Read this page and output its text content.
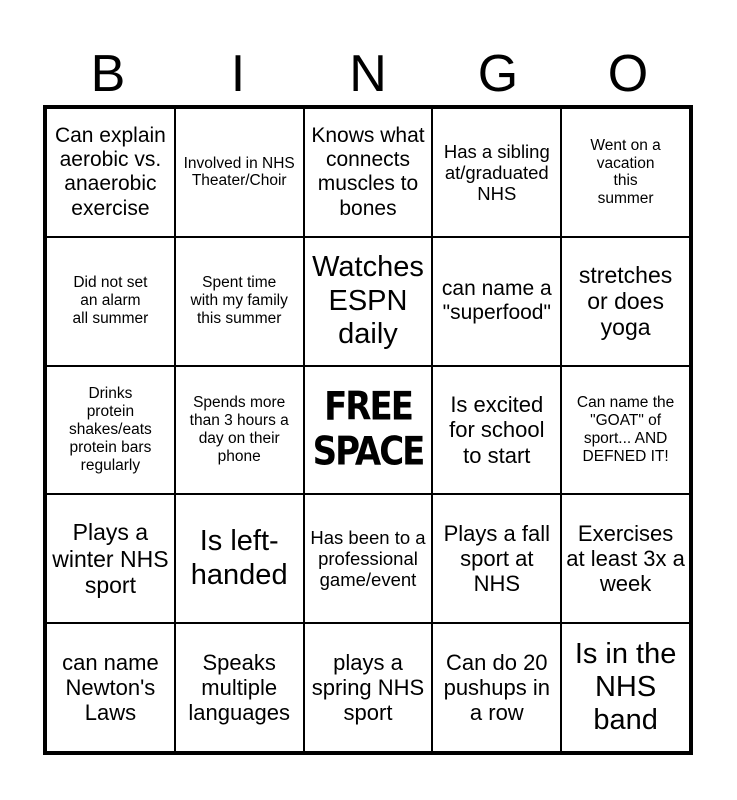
B	I	N	G	O
Can explain aerobic vs. anaerobic exercise
Involved in NHS Theater/Choir
Knows what connects muscles to bones
Has a sibling at/graduated NHS
Went on a vacation this summer
Did not set an alarm all summer
Spent time with my family this summer
Watches ESPN daily
can name a "superfood"
stretches or does yoga
Drinks protein shakes/eats protein bars regularly
Spends more than 3 hours a day on their phone
FREE SPACE
Is excited for school to start
Can name the "GOAT" of sport... AND DEFNED IT!
Plays a winter NHS sport
Is left-handed
Has been to a professional game/event
Plays a fall sport at NHS
Exercises at least 3x a week
can name Newton's Laws
Speaks multiple languages
plays a spring NHS sport
Can do 20 pushups in a row
Is in the NHS band
